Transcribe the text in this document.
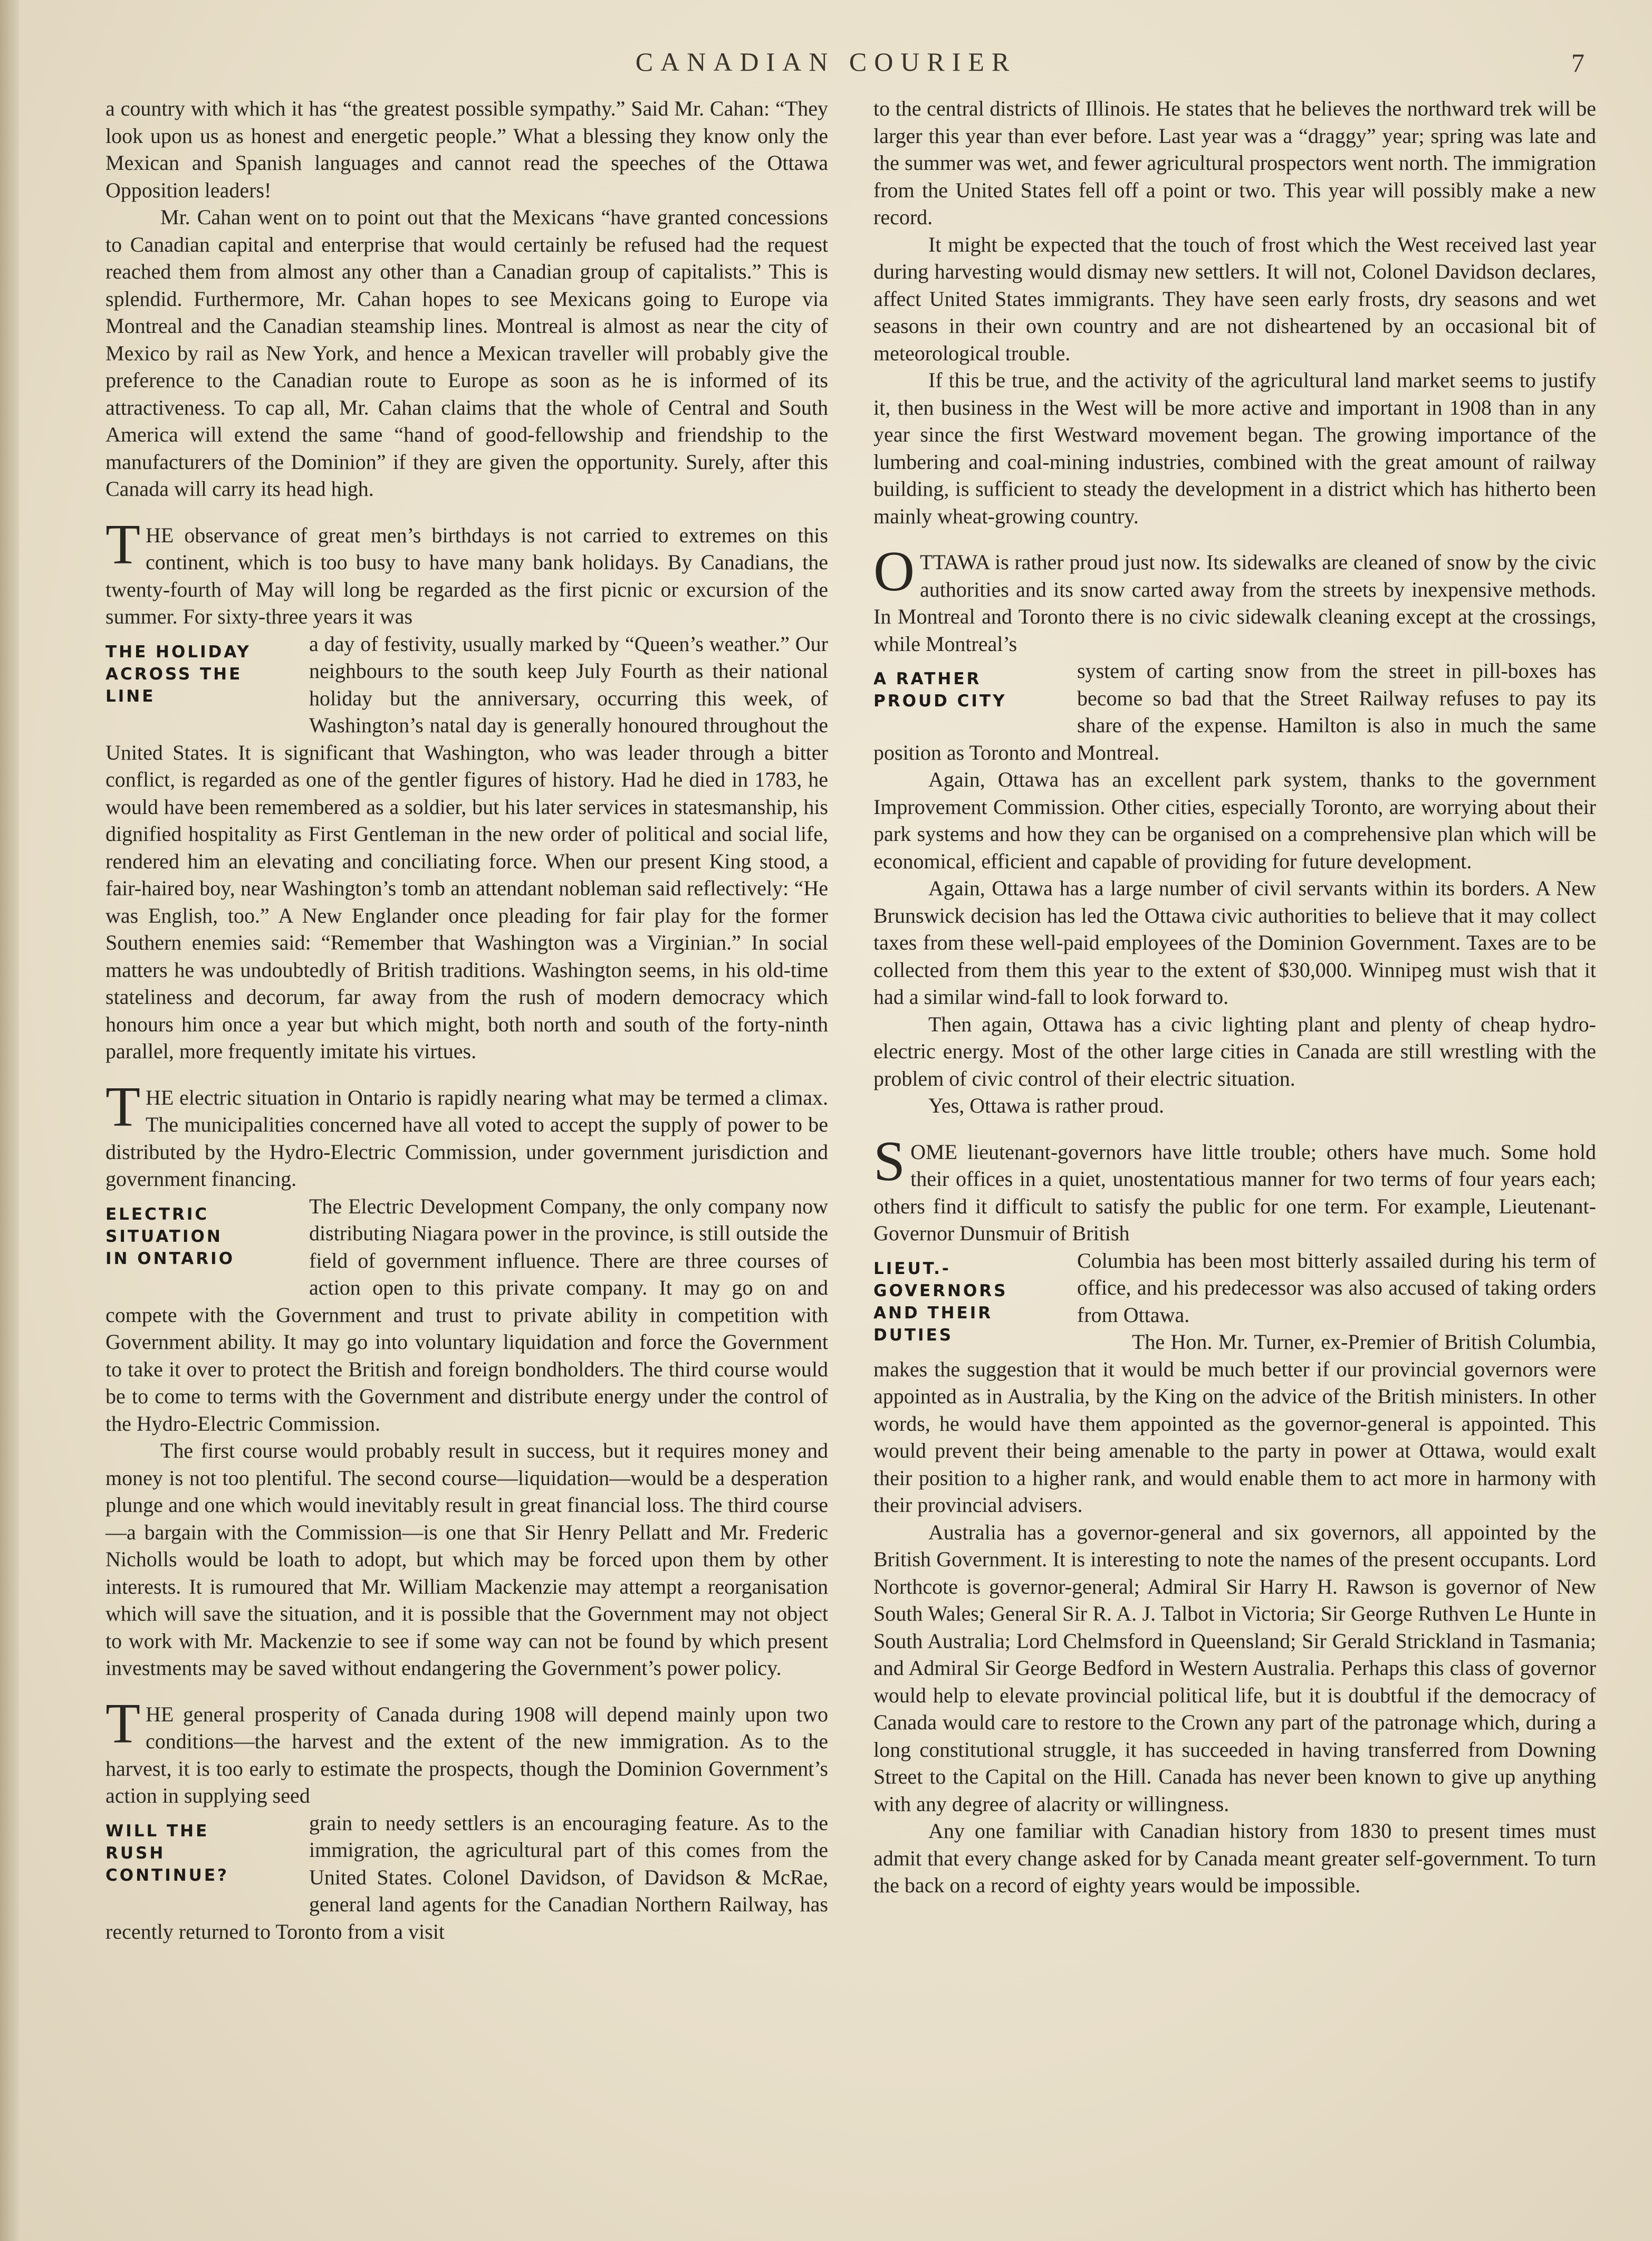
CANADIAN COURIER	7

a country with which it has “the greatest possible sympathy.” Said Mr. Cahan: “They look upon us as honest and energetic people.” What a blessing they know only the Mexican and Spanish languages and cannot read the speeches of the Ottawa Opposition leaders!

Mr. Cahan went on to point out that the Mexicans “have granted concessions to Canadian capital and enterprise that would certainly be refused had the request reached them from almost any other than a Canadian group of capitalists.” This is splendid. Furthermore, Mr. Cahan hopes to see Mexicans going to Europe via Montreal and the Canadian steamship lines. Montreal is almost as near the city of Mexico by rail as New York, and hence a Mexican traveller will probably give the preference to the Canadian route to Europe as soon as he is informed of its attractiveness. To cap all, Mr. Cahan claims that the whole of Central and South America will extend the same “hand of good-fellowship and friendship to the manufacturers of the Dominion” if they are given the opportunity. Surely, after this Canada will carry its head high.

THE observance of great men’s birthdays is not carried to extremes on this continent, which is too busy to have many bank holidays. By Canadians, the twenty-fourth of May will long be regarded as the first picnic or excursion of the summer. For sixty-three years it was

THE HOLIDAY
ACROSS THE LINE

a day of festivity, usually marked by “Queen’s weather.” Our neighbours to the south keep July Fourth as their national holiday but the anniversary, occurring this week, of Washington’s natal day is generally honoured throughout the United States. It is significant that Washington, who was leader through a bitter conflict, is regarded as one of the gentler figures of history. Had he died in 1783, he would have been remembered as a soldier, but his later services in statesmanship, his dignified hospitality as First Gentleman in the new order of political and social life, rendered him an elevating and conciliating force. When our present King stood, a fair-haired boy, near Washington’s tomb an attendant nobleman said reflectively: “He was English, too.” A New Englander once pleading for fair play for the former Southern enemies said: “Remember that Washington was a Virginian.” In social matters he was undoubtedly of British traditions. Washington seems, in his old-time stateliness and decorum, far away from the rush of modern democracy which honours him once a year but which might, both north and south of the forty-ninth parallel, more frequently imitate his virtues.

THE electric situation in Ontario is rapidly nearing what may be termed a climax. The municipalities concerned have all voted to accept the supply of power to be distributed by the Hydro-Electric Commission, under government jurisdiction and government financing.

ELECTRIC SITUATION
IN ONTARIO

The Electric Development Company, the only company now distributing Niagara power in the province, is still outside the field of government influence. There are three courses of action open to this private company. It may go on and compete with the Government and trust to private ability in competition with Government ability. It may go into voluntary liquidation and force the Government to take it over to protect the British and foreign bondholders. The third course would be to come to terms with the Government and distribute energy under the control of the Hydro-Electric Commission.

The first course would probably result in success, but it requires money and money is not too plentiful. The second course—liquidation—would be a desperation plunge and one which would inevitably result in great financial loss. The third course—a bargain with the Commission—is one that Sir Henry Pellatt and Mr. Frederic Nicholls would be loath to adopt, but which may be forced upon them by other interests. It is rumoured that Mr. William Mackenzie may attempt a reorganisation which will save the situation, and it is possible that the Government may not object to work with Mr. Mackenzie to see if some way can not be found by which present investments may be saved without endangering the Government’s power policy.

THE general prosperity of Canada during 1908 will depend mainly upon two conditions—the harvest and the extent of the new immigration. As to the harvest, it is too early to estimate the prospects, though the Dominion Government’s action in supplying seed

WILL THE
RUSH CONTINUE?

grain to needy settlers is an encouraging feature. As to the immigration, the agricultural part of this comes from the United States. Colonel Davidson, of Davidson & McRae, general land agents for the Canadian Northern Railway, has recently returned to Toronto from a visit

to the central districts of Illinois. He states that he believes the northward trek will be larger this year than ever before. Last year was a “draggy” year; spring was late and the summer was wet, and fewer agricultural prospectors went north. The immigration from the United States fell off a point or two. This year will possibly make a new record.

It might be expected that the touch of frost which the West received last year during harvesting would dismay new settlers. It will not, Colonel Davidson declares, affect United States immigrants. They have seen early frosts, dry seasons and wet seasons in their own country and are not disheartened by an occasional bit of meteorological trouble.

If this be true, and the activity of the agricultural land market seems to justify it, then business in the West will be more active and important in 1908 than in any year since the first Westward movement began. The growing importance of the lumbering and coal-mining industries, combined with the great amount of railway building, is sufficient to steady the development in a district which has hitherto been mainly wheat-growing country.

OTTAWA is rather proud just now. Its sidewalks are cleaned of snow by the civic authorities and its snow carted away from the streets by inexpensive methods. In Montreal and Toronto there is no civic sidewalk cleaning except at the crossings, while Montreal’s

A RATHER
PROUD CITY

system of carting snow from the street in pill-boxes has become so bad that the Street Railway refuses to pay its share of the expense. Hamilton is also in much the same position as Toronto and Montreal.

Again, Ottawa has an excellent park system, thanks to the government Improvement Commission. Other cities, especially Toronto, are worrying about their park systems and how they can be organised on a comprehensive plan which will be economical, efficient and capable of providing for future development.

Again, Ottawa has a large number of civil servants within its borders. A New Brunswick decision has led the Ottawa civic authorities to believe that it may collect taxes from these well-paid employees of the Dominion Government. Taxes are to be collected from them this year to the extent of $30,000. Winnipeg must wish that it had a similar wind-fall to look forward to.

Then again, Ottawa has a civic lighting plant and plenty of cheap hydro-electric energy. Most of the other large cities in Canada are still wrestling with the problem of civic control of their electric situation.

Yes, Ottawa is rather proud.

SOME lieutenant-governors have little trouble; others have much. Some hold their offices in a quiet, unostentatious manner for two terms of four years each; others find it difficult to satisfy the public for one term. For example, Lieutenant-Governor Dunsmuir of British

LIEUT.-GOVERNORS
AND THEIR DUTIES

Columbia has been most bitterly assailed during his term of office, and his predecessor was also accused of taking orders from Ottawa.

The Hon. Mr. Turner, ex-Premier of British Columbia, makes the suggestion that it would be much better if our provincial governors were appointed as in Australia, by the King on the advice of the British ministers. In other words, he would have them appointed as the governor-general is appointed. This would prevent their being amenable to the party in power at Ottawa, would exalt their position to a higher rank, and would enable them to act more in harmony with their provincial advisers.

Australia has a governor-general and six governors, all appointed by the British Government. It is interesting to note the names of the present occupants. Lord Northcote is governor-general; Admiral Sir Harry H. Rawson is governor of New South Wales; General Sir R. A. J. Talbot in Victoria; Sir George Ruthven Le Hunte in South Australia; Lord Chelmsford in Queensland; Sir Gerald Strickland in Tasmania; and Admiral Sir George Bedford in Western Australia. Perhaps this class of governor would help to elevate provincial political life, but it is doubtful if the democracy of Canada would care to restore to the Crown any part of the patronage which, during a long constitutional struggle, it has succeeded in having transferred from Downing Street to the Capital on the Hill. Canada has never been known to give up anything with any degree of alacrity or willingness.

Any one familiar with Canadian history from 1830 to present times must admit that every change asked for by Canada meant greater self-government. To turn the back on a record of eighty years would be impossible.
